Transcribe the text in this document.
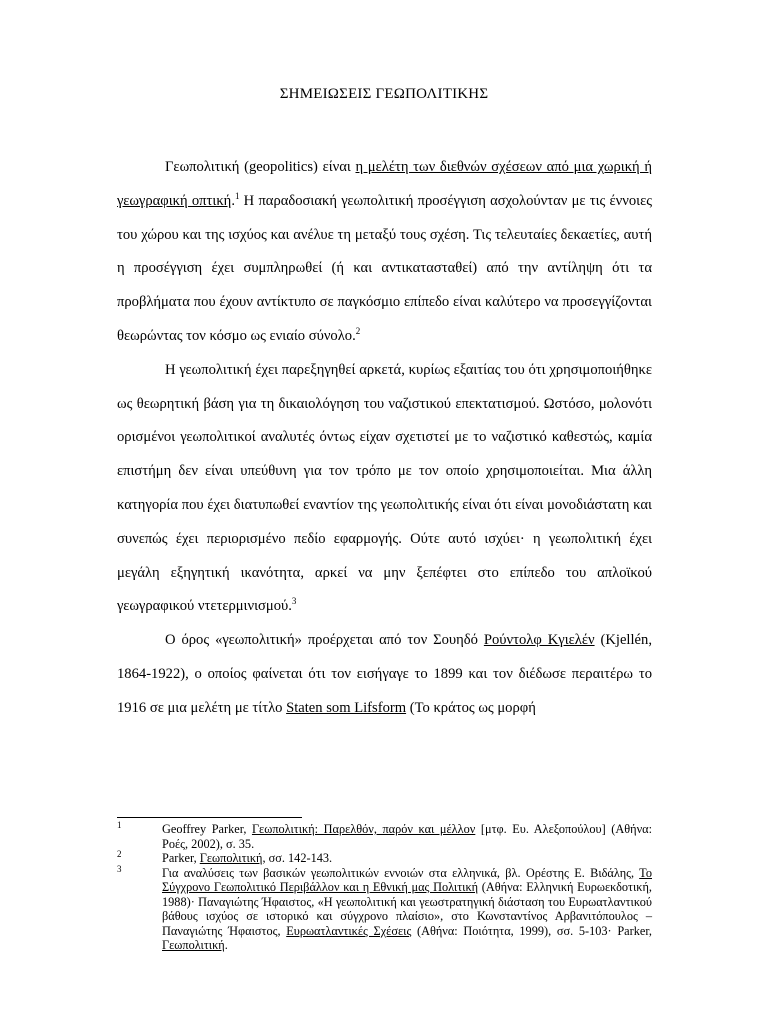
ΣΗΜΕΙΩΣΕΙΣ ΓΕΩΠΟΛΙΤΙΚΗΣ

Γεωπολιτική (geopolitics) είναι η μελέτη των διεθνών σχέσεων από μια χωρική ή γεωγραφική οπτική.$^1$ Η παραδοσιακή γεωπολιτική προσέγγιση ασχολούνταν με τις έννοιες του χώρου και της ισχύος και ανέλυε τη μεταξύ τους σχέση. Τις τελευταίες δεκαετίες, αυτή η προσέγγιση έχει συμπληρωθεί (ή και αντικατασταθεί) από την αντίληψη ότι τα προβλήματα που έχουν αντίκτυπο σε παγκόσμιο επίπεδο είναι καλύτερο να προσεγγίζονται θεωρώντας τον κόσμο ως ενιαίο σύνολο.$^2$

Η γεωπολιτική έχει παρεξηγηθεί αρκετά, κυρίως εξαιτίας του ότι χρησιμοποιήθηκε ως θεωρητική βάση για τη δικαιολόγηση του ναζιστικού επεκτατισμού. Ωστόσο, μολονότι ορισμένοι γεωπολιτικοί αναλυτές όντως είχαν σχετιστεί με το ναζιστικό καθεστώς, καμία επιστήμη δεν είναι υπεύθυνη για τον τρόπο με τον οποίο χρησιμοποιείται. Μια άλλη κατηγορία που έχει διατυπωθεί εναντίον της γεωπολιτικής είναι ότι είναι μονοδιάστατη και συνεπώς έχει περιορισμένο πεδίο εφαρμογής. Ούτε αυτό ισχύει· η γεωπολιτική έχει μεγάλη εξηγητική ικανότητα, αρκεί να μην ξεπέφτει στο επίπεδο του απλοϊκού γεωγραφικού ντετερμινισμού.$^3$

Ο όρος «γεωπολιτική» προέρχεται από τον Σουηδό Ρούντολφ Κγιελέν (Kjellén, 1864-1922), ο οποίος φαίνεται ότι τον εισήγαγε το 1899 και τον διέδωσε περαιτέρω το 1916 σε μια μελέτη με τίτλο Staten som Lifsform (Το κράτος ως μορφή

1	Geoffrey Parker, Γεωπολιτική: Παρελθόν, παρόν και μέλλον [μτφ. Ευ. Αλεξοπούλου] (Αθήνα: Ροές, 2002), σ. 35.

2	Parker, Γεωπολιτική, σσ. 142-143.

3	Για αναλύσεις των βασικών γεωπολιτικών εννοιών στα ελληνικά, βλ. Ορέστης Ε. Βιδάλης, Το Σύγχρονο Γεωπολιτικό Περιβάλλον και η Εθνική μας Πολιτική (Αθήνα: Ελληνική Ευρωεκδοτική, 1988)· Παναγιώτης Ήφαιστος, «Η γεωπολιτική και γεωστρατηγική διάσταση του Ευρωατλαντικού βάθους ισχύος σε ιστορικό και σύγχρονο πλαίσιο», στο Κωνσταντίνος Αρβανιτόπουλος – Παναγιώτης Ήφαιστος, Ευρωατλαντικές Σχέσεις (Αθήνα: Ποιότητα, 1999), σσ. 5-103· Parker, Γεωπολιτική.
